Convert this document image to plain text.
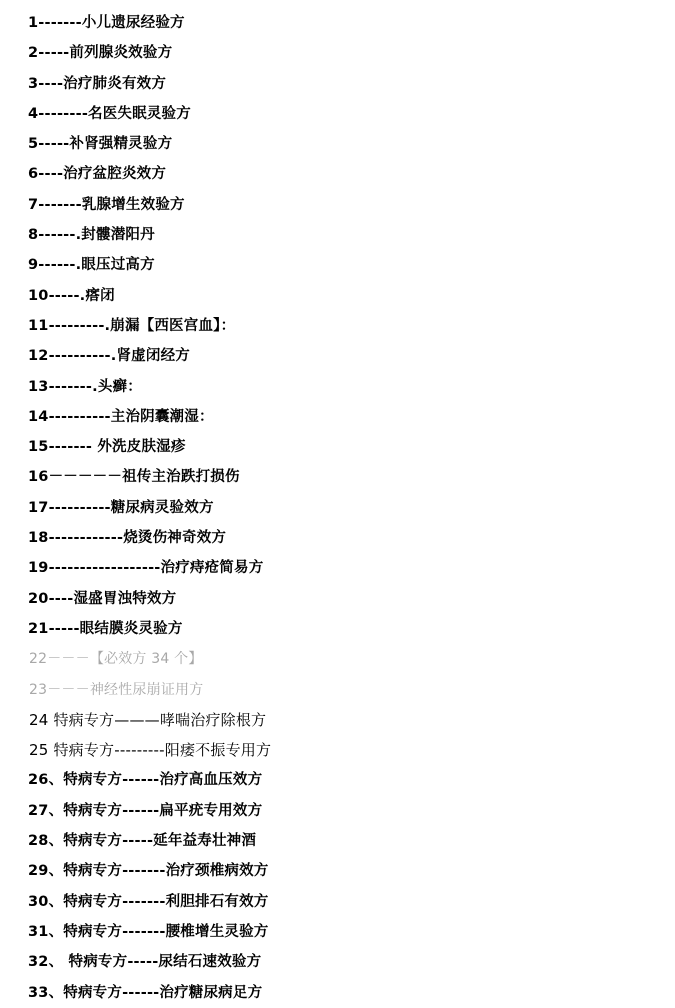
1-------小儿遗尿经验方
2-----前列腺炎效验方
3----治疗肺炎有效方
4--------名医失眠灵验方
5-----补肾强精灵验方
6----治疗盆腔炎效方
7-------乳腺增生效验方
8------.封髏潜阳丹
9------.眼压过高方
10-----.瘩闭
11---------.崩漏【西医宫血】：
12----------.肾虚闭经方
13-------.头癣：
14----------主治阴囊潮湿：
15------- 外洗皮肤湿疹
16－－－－－祖传主治跌打损伤
17----------糖尿病灵验效方
18------------烧烫伤神奇效方
19------------------治疗痔疮简易方
20----湿盛胃浊特效方
21-----眼结膜炎灵验方
22－－－【必效方 34 个】
23－－－神经性尿崩证用方
24 特病专方———哮喘治疗除根方
25 特病专方---------阳痿不振专用方
26、特病专方------治疗高血压效方
27、特病专方------扁平疣专用效方
28、特病专方-----延年益寿壮神酒
29、特病专方-------治疗颈椎病效方
30、特病专方-------利胆排石有效方
31、特病专方-------腰椎增生灵验方
32、 特病专方-----尿结石速效验方
33、特病专方------治疗糖尿病足方
